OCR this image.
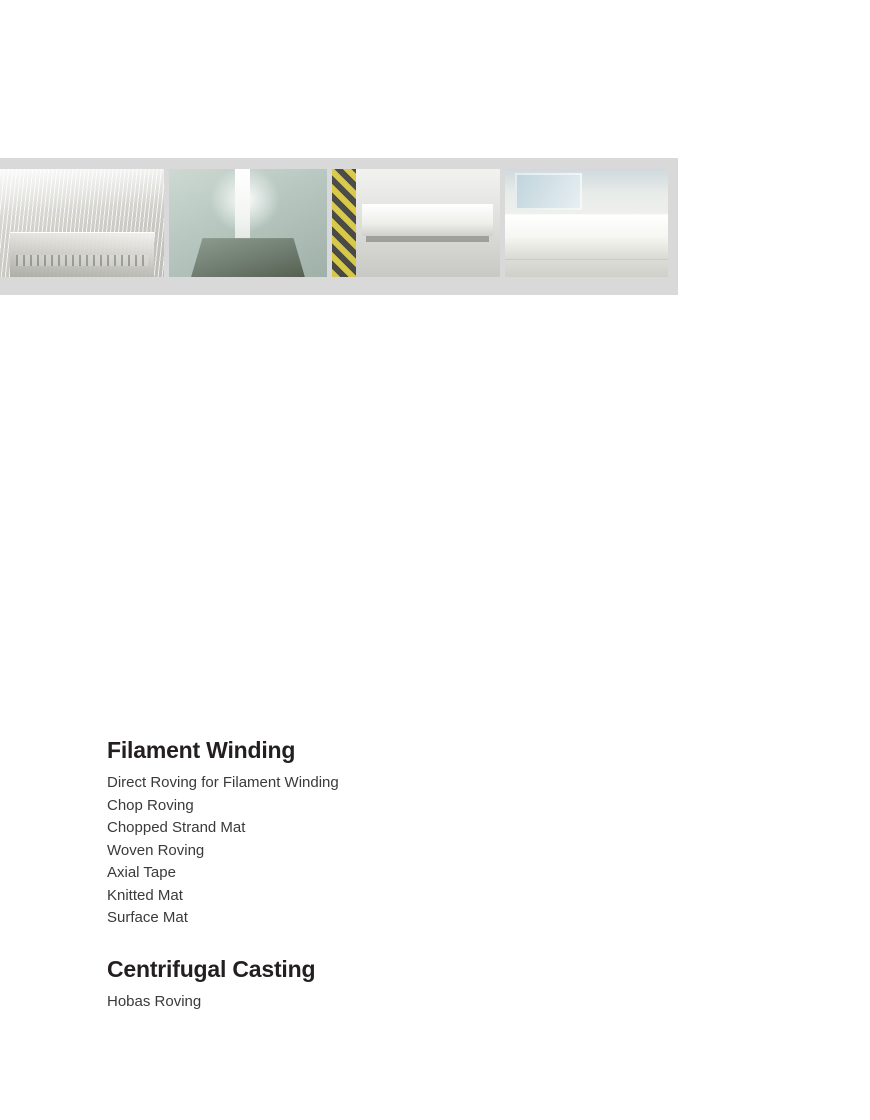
Filament Winding
Direct Roving for Filament Winding
Chop Roving
Chopped Strand Mat
Woven Roving
Axial Tape
Knitted Mat
Surface Mat
Centrifugal Casting
Hobas Roving
